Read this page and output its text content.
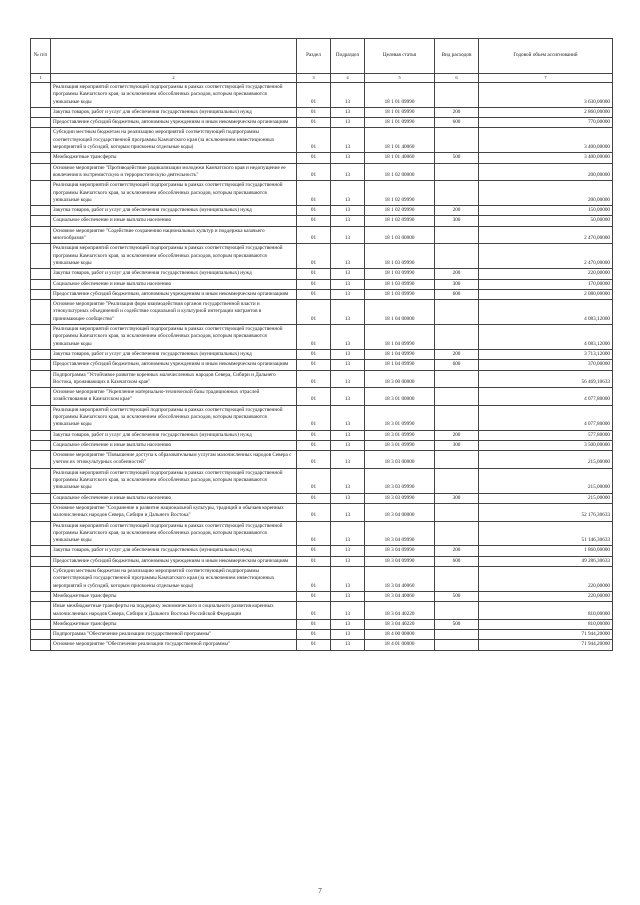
№ п/п		Раздел	Подраздел	Целевая статья	Вид расходов	Годовой объем ассигнований
1	2	3	4	5	6	7
	Реализация мероприятий соответствующей подпрограммы в рамках соответствующей государственной программы Камчатского края, за исключением обособленных расходов, которым присваиваются уникальные коды	01	13	18 1 01 09990		3 630,00000
	Закупка товаров, работ и услуг для обеспечения государственных (муниципальных) нужд	01	13	18 1 01 09990	200	2 860,00000
	Предоставление субсидий бюджетным, автономным учреждениям и иным некоммерческим организациям	01	13	18 1 01 09990	600	770,00000
	Субсидии местным бюджетам на реализацию мероприятий соответствующей подпрограммы соответствующей государственной программы Камчатского края (за исключением инвестиционных мероприятий и субсидий, которым присвоены отдельные коды)	01	13	18 1 01 40060		3 400,00000
	Межбюджетные трансферты	01	13	18 1 01 40060	500	3 400,00000
	Основное мероприятие "Противодействие радикализации молодежи Камчатского края и недопущение ее вовлечения в экстремистскую и террористическую деятельность"	01	13	18 1 02 00000		200,00000
	Реализация мероприятий соответствующей подпрограммы в рамках соответствующей государственной программы Камчатского края, за исключением обособленных расходов, которым присваиваются уникальные коды	01	13	18 1 02 09990		200,00000
	Закупка товаров, работ и услуг для обеспечения государственных (муниципальных) нужд	01	13	18 1 02 09990	200	150,00000
	Социальное обеспечение и иные выплаты населению	01	13	18 1 02 09990	300	50,00000
	Основное мероприятие "Содействие сохранению национальных культур и поддержка казачьего многообразия"	01	13	18 1 03 00000		2 470,00000
	Реализация мероприятий соответствующей подпрограммы в рамках соответствующей государственной программы Камчатского края, за исключением обособленных расходов, которым присваиваются уникальные коды	01	13	18 1 03 09990		2 470,00000
	Закупка товаров, работ и услуг для обеспечения государственных (муниципальных) нужд	01	13	18 1 03 09990	200	220,00000
	Социальное обеспечение и иные выплаты населению	01	13	18 1 03 09990	300	170,00000
	Предоставление субсидий бюджетным, автономным учреждениям и иным некоммерческим организациям	01	13	18 1 03 09990	600	2 080,00000
	Основное мероприятие "Реализация форм взаимодействия органов государственной власти и этнокультурных объединений и содействие социальной и культурной интеграции мигрантов в принимающее сообщество"	01	13	18 1 04 00000		4 083,12000
	Реализация мероприятий соответствующей подпрограммы в рамках соответствующей государственной программы Камчатского края, за исключением обособленных расходов, которым присваиваются уникальные коды	01	13	18 1 04 09990		4 083,12000
	Закупка товаров, работ и услуг для обеспечения государственных (муниципальных) нужд	01	13	18 1 04 09990	200	3 713,12000
	Предоставление субсидий бюджетным, автономным учреждениям и иным некоммерческим организациям	01	13	18 1 04 09990	600	370,00000
	Подпрограмма "Устойчивое развитие коренных малочисленных народов Севера, Сибири и Дальнего Востока, проживающих в Камчатском крае"	01	13	18 3 00 00000		56 469,10633
	Основное мероприятие "Укрепление материально-технической базы традиционных отраслей хозяйствования в Камчатском крае"	01	13	18 3 01 00000		4 077,80000
	Реализация мероприятий соответствующей подпрограммы в рамках соответствующей государственной программы Камчатского края, за исключением обособленных расходов, которым присваиваются уникальные коды	01	13	18 3 01 09990		4 077,80000
	Закупка товаров, работ и услуг для обеспечения государственных (муниципальных) нужд	01	13	18 3 01 09990	200	577,80000
	Социальное обеспечение и иные выплаты населению	01	13	18 3 01 09990	300	3 500,00000
	Основное мероприятие "Повышение доступа к образовательным услугам малочисленных народов Севера с учетом их этнокультурных особенностей"	01	13	18 3 03 00000		215,00000
	Реализация мероприятий соответствующей подпрограммы в рамках соответствующей государственной программы Камчатского края, за исключением обособленных расходов, которым присваиваются уникальные коды	01	13	18 3 03 09990		215,00000
	Социальное обеспечение и иные выплаты населению	01	13	18 3 03 09990	300	215,00000
	Основное мероприятие "Сохранение и развитие национальной культуры, традиций и обычаев коренных малочисленных народов Севера, Сибири и Дальнего Востока"	01	13	18 3 04 00000		52 176,30633
	Реализация мероприятий соответствующей подпрограммы в рамках соответствующей государственной программы Камчатского края, за исключением обособленных расходов, которым присваиваются уникальные коды	01	13	18 3 04 09990		51 146,30633
	Закупка товаров, работ и услуг для обеспечения государственных (муниципальных) нужд	01	13	18 3 04 09990	200	1 860,00000
	Предоставление субсидий бюджетным, автономным учреждениям и иным некоммерческим организациям	01	13	18 3 04 09990	600	49 286,30633
	Субсидии местным бюджетам на реализацию мероприятий соответствующей подпрограммы соответствующей государственной программы Камчатского края (за исключением инвестиционных мероприятий и субсидий, которым присвоены отдельные коды)	01	13	18 3 04 40060		220,00000
	Межбюджетные трансферты	01	13	18 3 04 40060	500	220,00000
	Иные межбюджетные трансферты на поддержку экономического и социального развития коренных малочисленных народов Севера, Сибири и Дальнего Востока Российской Федерации	01	13	18 3 04 40220		810,00000
	Межбюджетные трансферты	01	13	18 3 04 40220	500	810,00000
	Подпрограмма "Обеспечение реализации государственной программы"	01	13	18 4 00 00000		71 944,20000
	Основное мероприятие "Обеспечение реализации государственной программы"	01	13	18 4 01 00000		71 944,20000
7
